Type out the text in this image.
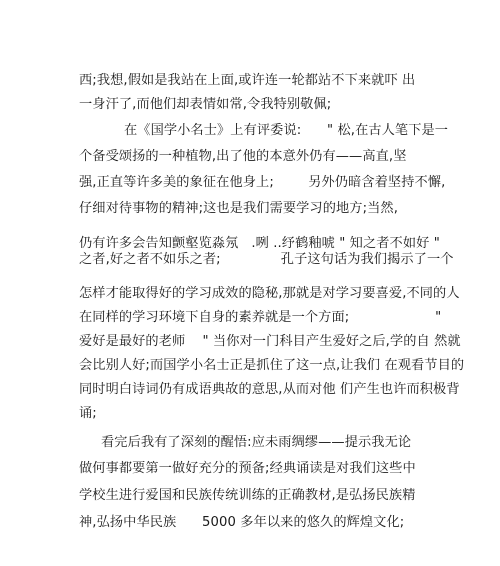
西;我想,假如是我站在上面,或许连一轮都站不下来就吓 出
一身汗了,而他们却表情如常,令我特别敬佩;
在《国学小名士》上有评委说:      " 松,在古人笔下是一
个备受颂扬的一种植物,出了他的本意外仍有——高直,坚
强,正直等许多美的象征在他身上;        另外仍暗含着坚持不懈,
仔细对待事物的精神;这也是我们需要学习的地方;当然,
仍有许多会告知颤壑览淼氖   .咧 ..纾鹤釉唬 " 知之者不如好 "
之者,好之者不如乐之者;              孔子这句话为我们揭示了一个
怎样才能取得好的学习成效的隐秘,那就是对学习要喜爱,不同的人
在同样的学习环境下自身的素养就是一个方面;                    "
爱好是最好的老师    " 当你对一门科目产生爱好之后,学的自 然就
会比别人好;而国学小名士正是抓住了这一点,让我们 在观看节目的
同时明白诗词仍有成语典故的意思,从而对他 们产生也许而积极背
诵;
看完后我有了深刻的醒悟:应未雨绸缪——提示我无论
做何事都要第一做好充分的预备;经典诵读是对我们这些中
学校生进行爱国和民族传统训练的正确教材,是弘扬民族精
神,弘扬中华民族      5000 多年以来的悠久的辉煌文化;
